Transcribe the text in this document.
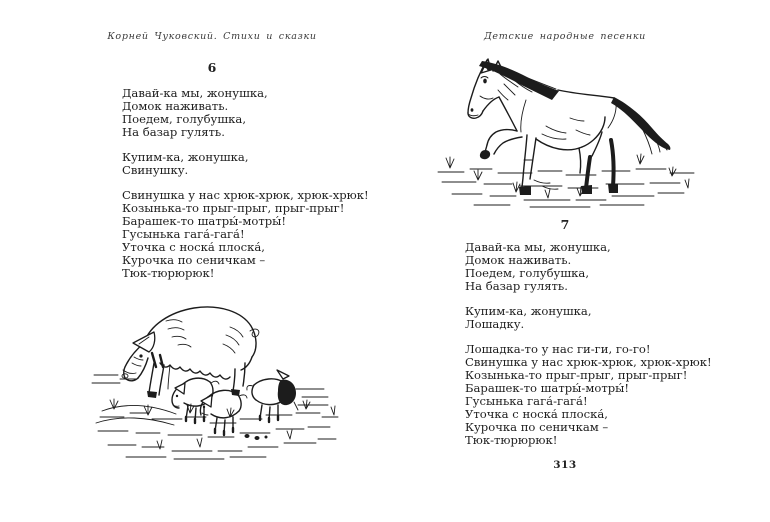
Корней Чуковский. Стихи и сказки
6
Давай-ка мы, жонушка,
Домок наживать.
Поедем, голубушка,
На базар гулять.
Купим-ка, жонушка,
Свинушку.
Свинушка у нас хрюк-хрюк, хрюк-хрюк!
Козынька-то прыг-прыг, прыг-прыг!
Барашек-то шатры́-мотры́!
Гусынька гага́-гага́!
Уточка с носка́ плоска́,
Курочка по сеничкам –
Тюк-тюрюрюк!
Детские народные песенки
7
Давай-ка мы, жонушка,
Домок наживать.
Поедем, голубушка,
На базар гулять.
Купим-ка, жонушка,
Лошадку.
Лошадка-то у нас ги-ги, го-го!
Свинушка у нас хрюк-хрюк, хрюк-хрюк!
Козынька-то прыг-прыг, прыг-прыг!
Барашек-то шатры́-мотры́!
Гусынька гага́-гага́!
Уточка с носка́ плоска́,
Курочка по сеничкам –
Тюк-тюрюрюк!
313
